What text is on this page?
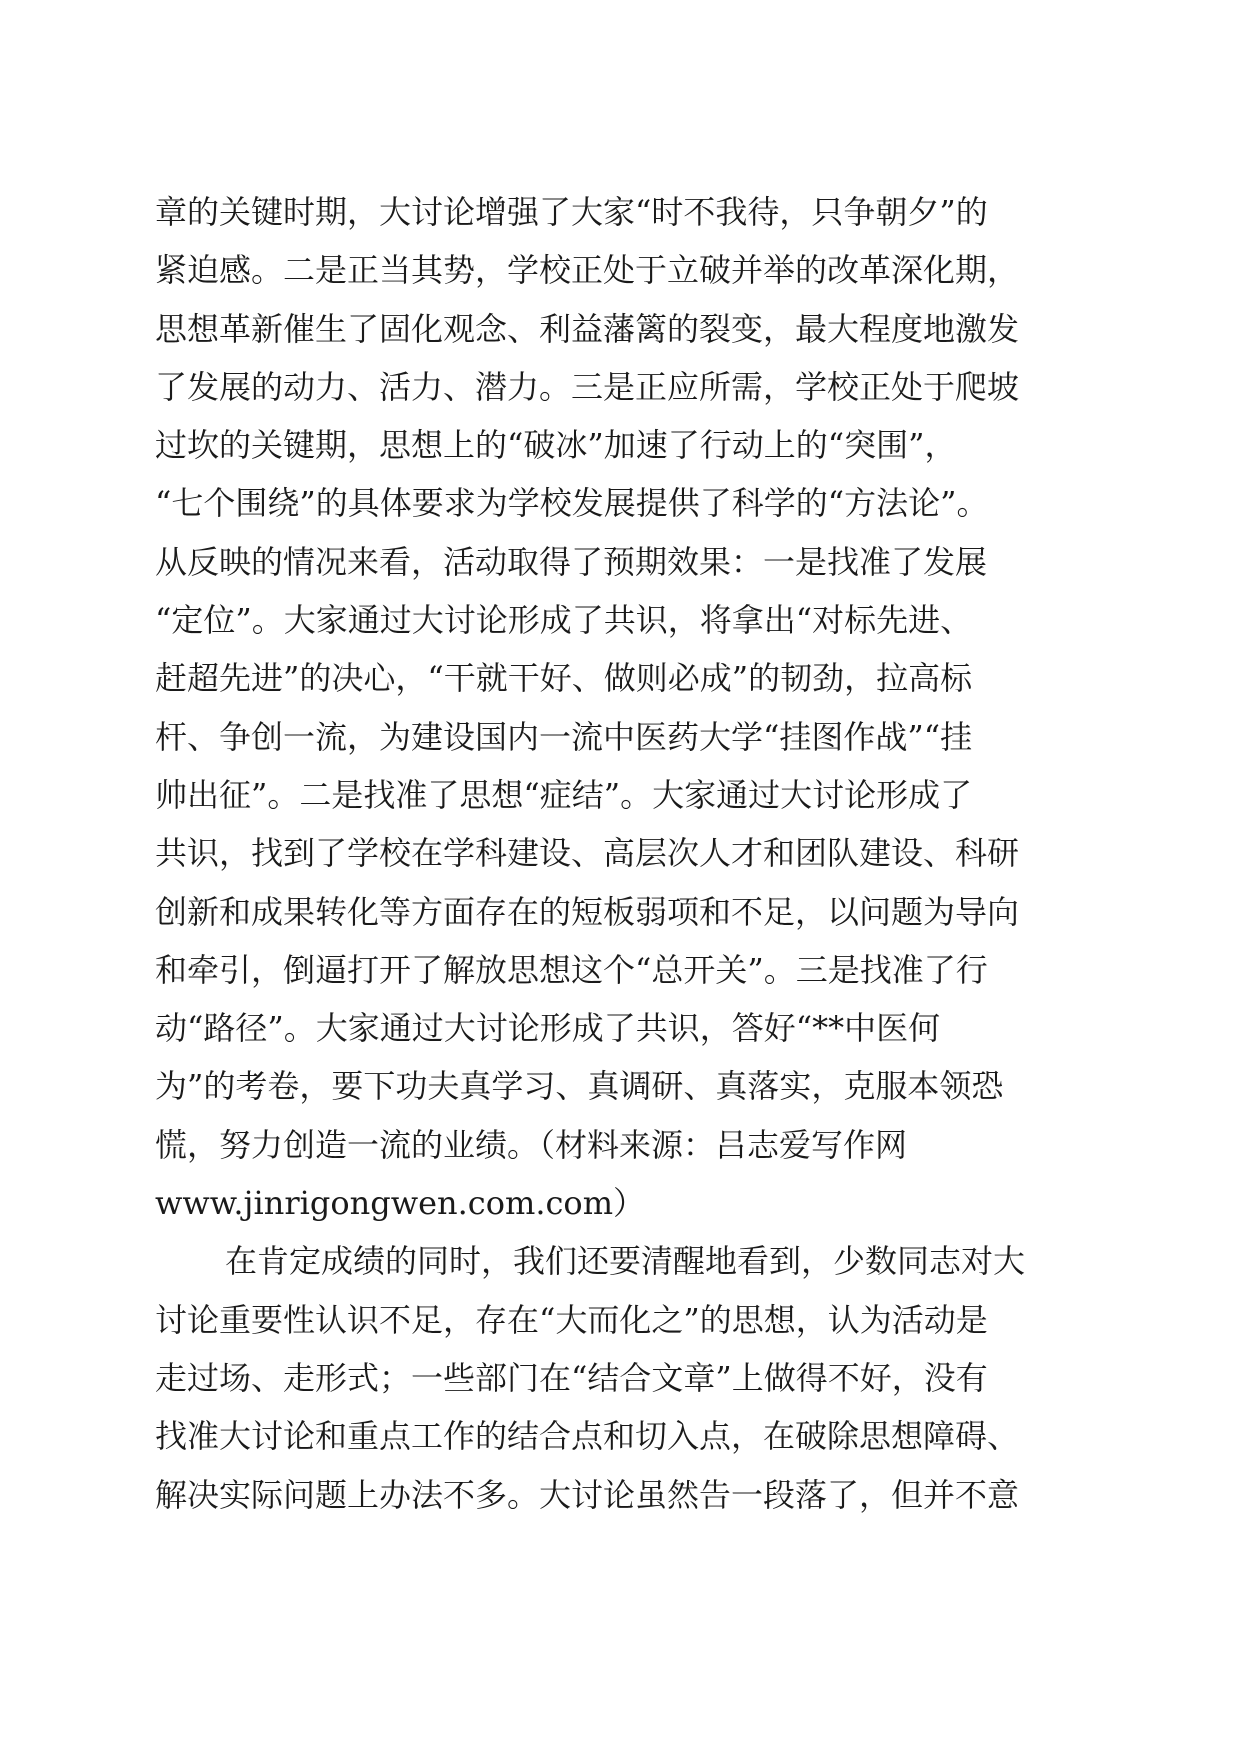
章的关键时期，大讨论增强了大家“时不我待，只争朝夕”的
紧迫感。二是正当其势，学校正处于立破并举的改革深化期，
思想革新催生了固化观念、利益藩篱的裂变，最大程度地激发
了发展的动力、活力、潜力。三是正应所需，学校正处于爬坡
过坎的关键期，思想上的“破冰”加速了行动上的“突围”，
“七个围绕”的具体要求为学校发展提供了科学的“方法论”。
从反映的情况来看，活动取得了预期效果：一是找准了发展
“定位”。大家通过大讨论形成了共识，将拿出“对标先进、
赶超先进”的决心，“干就干好、做则必成”的韧劲，拉高标
杆、争创一流，为建设国内一流中医药大学“挂图作战”“挂
帅出征”。二是找准了思想“症结”。大家通过大讨论形成了
共识，找到了学校在学科建设、高层次人才和团队建设、科研
创新和成果转化等方面存在的短板弱项和不足，以问题为导向
和牵引，倒逼打开了解放思想这个“总开关”。三是找准了行
动“路径”。大家通过大讨论形成了共识，答好“**中医何
为”的考卷，要下功夫真学习、真调研、真落实，克服本领恐
慌，努力创造一流的业绩。（材料来源：吕志爱写作网
www.jinrigongwen.com.com）
在肯定成绩的同时，我们还要清醒地看到，少数同志对大
讨论重要性认识不足，存在“大而化之”的思想，认为活动是
走过场、走形式；一些部门在“结合文章”上做得不好，没有
找准大讨论和重点工作的结合点和切入点，在破除思想障碍、
解决实际问题上办法不多。大讨论虽然告一段落了，但并不意
